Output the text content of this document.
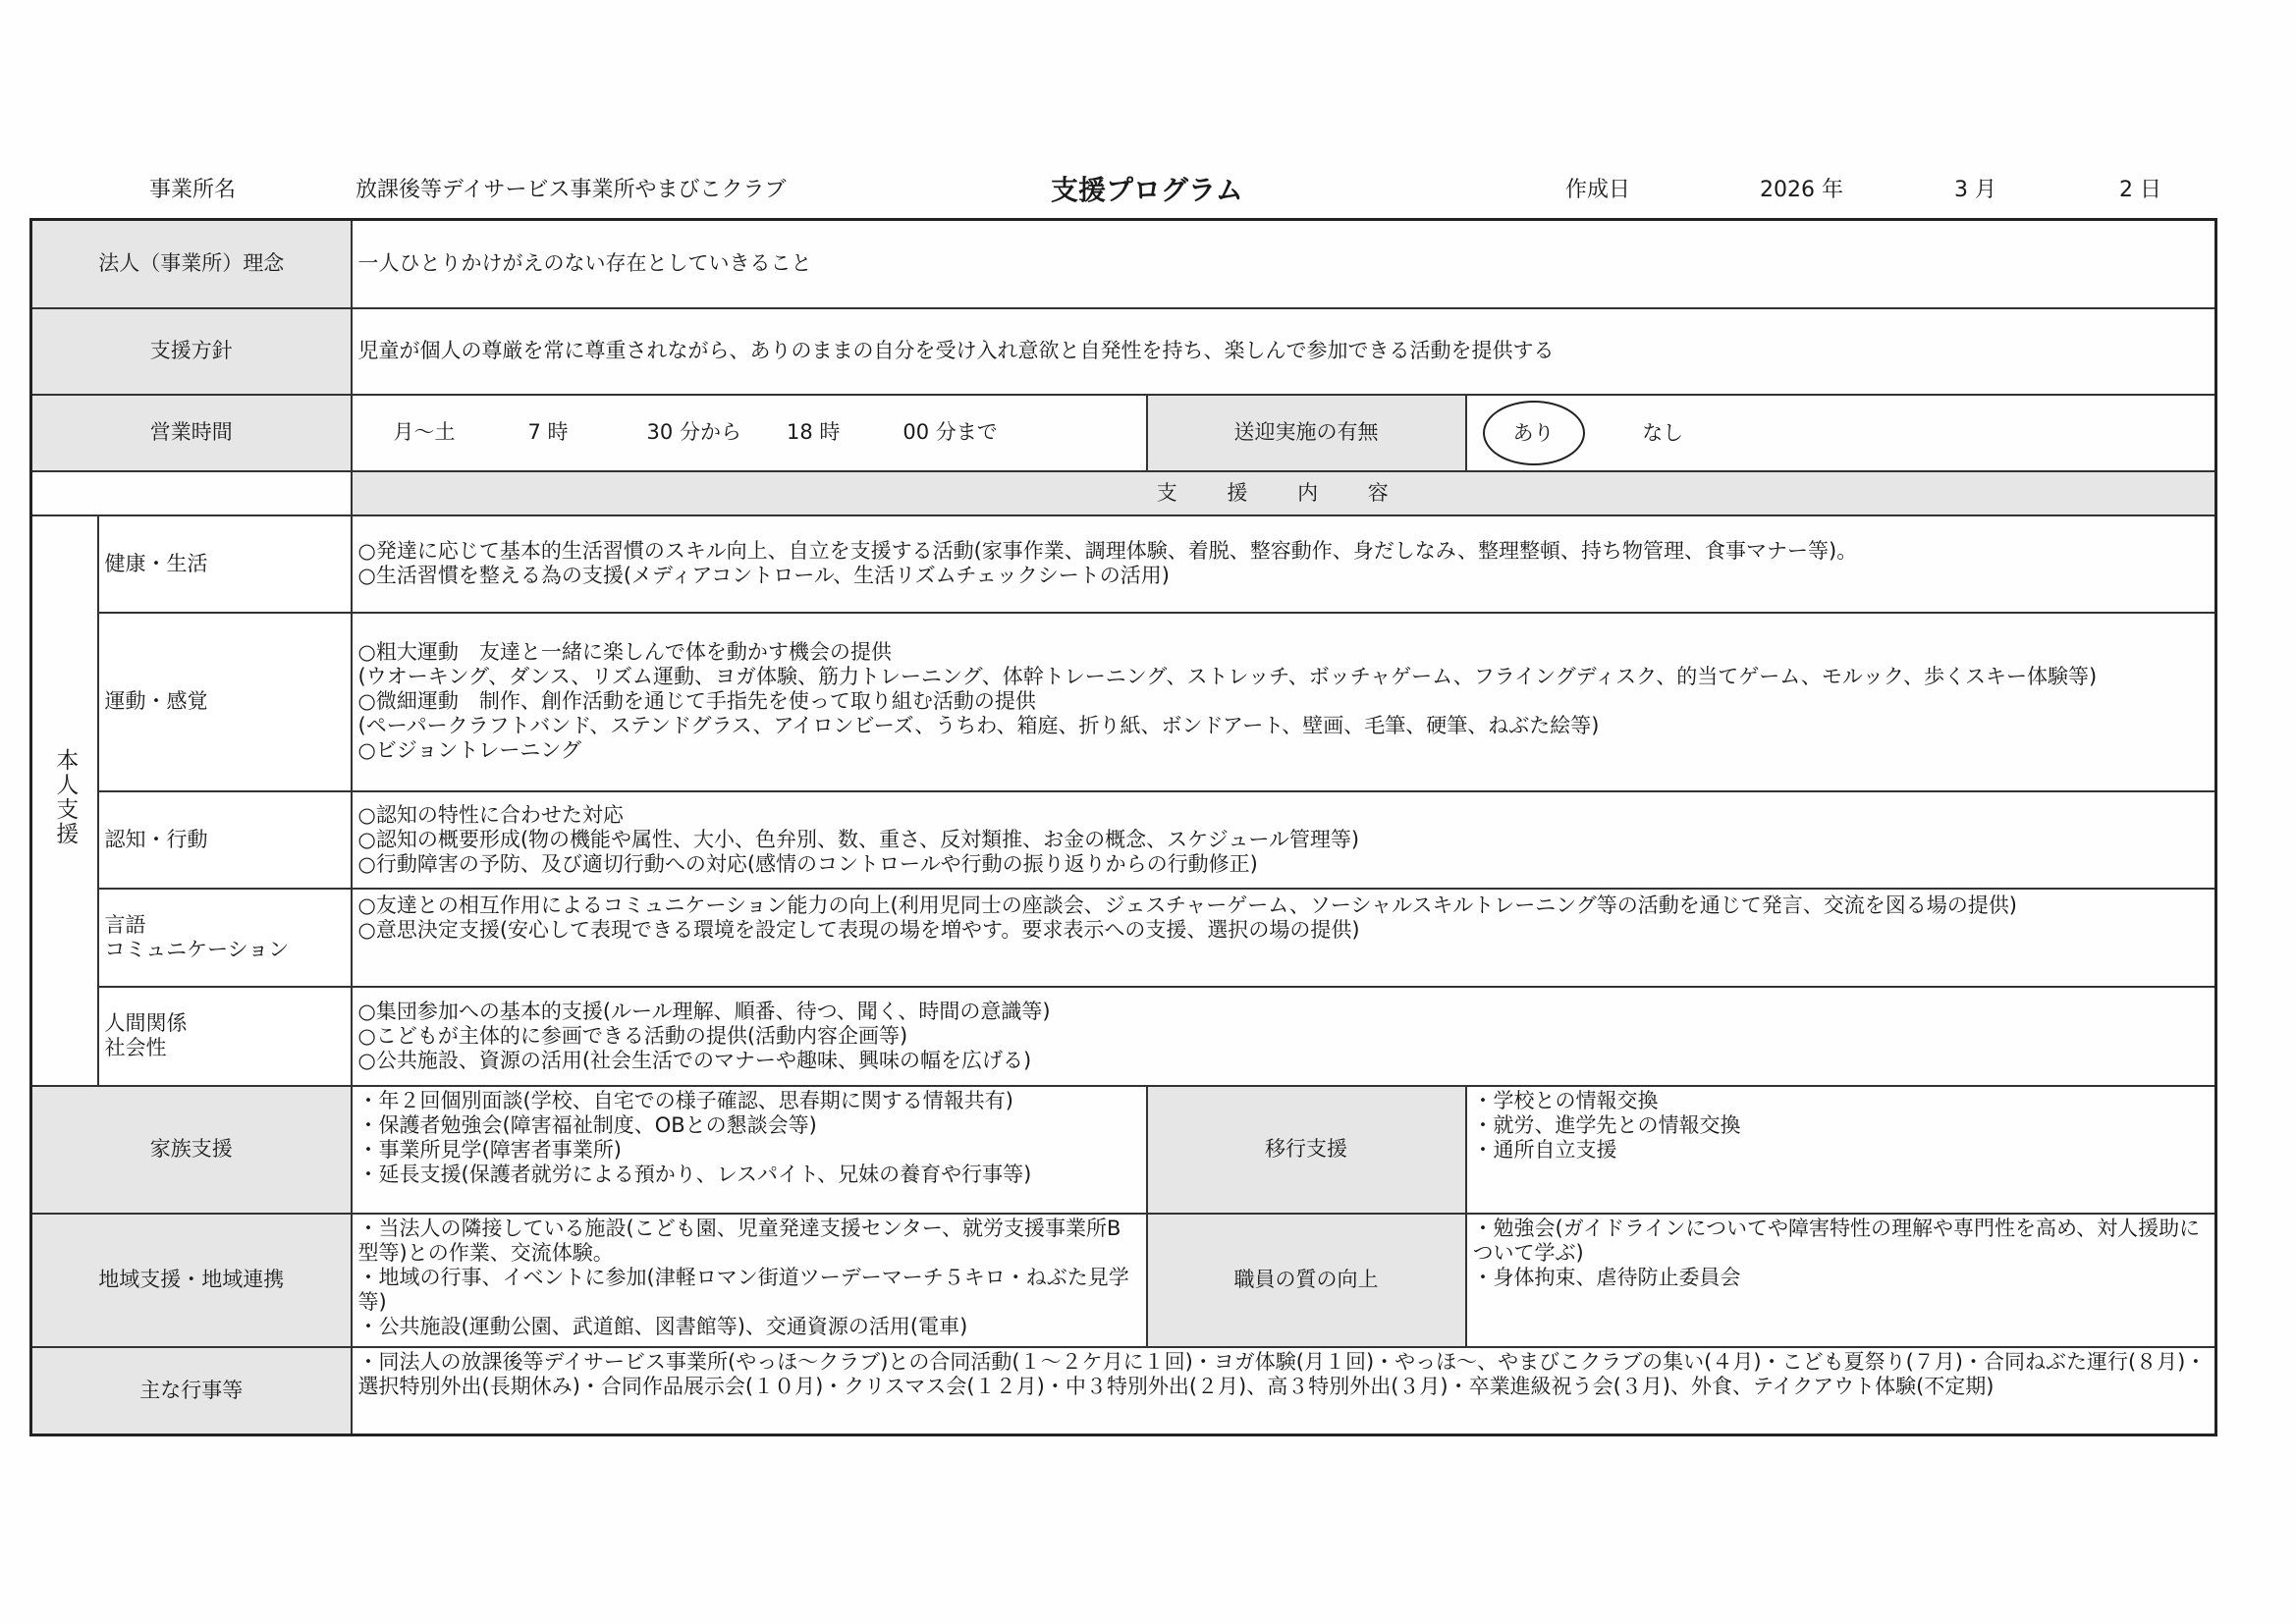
事業所名	放課後等デイサービス事業所やまびこクラブ	支援プログラム	作成日	2026 年	3 月	2 日
法人（事業所）理念		一人ひとりかけがえのない存在としていきること		
支援方針		児童が個人の尊厳を常に尊重されながら、ありのままの自分を受け入れ意欲と自発性を持ち、楽しんで参加できる活動を提供する		
営業時間		月～土 7 時 30 分から 18 時 00 分まで	送迎実施の有無	あり なし
		支 援 内 容		
本人支援	健康・生活	○発達に応じて基本的生活習慣のスキル向上、自立を支援する活動(家事作業、調理体験、着脱、整容動作、身だしなみ、整理整頓、持ち物管理、食事マナー等)。
○生活習慣を整える為の支援(メディアコントロール、生活リズムチェックシートの活用)		

	運動・感覚	○粗大運動　友達と一緒に楽しんで体を動かす機会の提供
(ウオーキング、ダンス、リズム運動、ヨガ体験、筋力トレーニング、体幹トレーニング、ストレッチ、ボッチャゲーム、フライングディスク、的当てゲーム、モルック、歩くスキー体験等)
○微細運動　制作、創作活動を通じて手指先を使って取り組む活動の提供
(ペーパークラフトバンド、ステンドグラス、アイロンビーズ、うちわ、箱庭、折り紙、ボンドアート、壁画、毛筆、硬筆、ねぶた絵等)
○ビジョントレーニング		

	認知・行動	○認知の特性に合わせた対応
○認知の概要形成(物の機能や属性、大小、色弁別、数、重さ、反対類推、お金の概念、スケジュール管理等)
○行動障害の予防、及び適切行動への対応(感情のコントロールや行動の振り返りからの行動修正)		

	言語
コミュニケーション	○友達との相互作用によるコミュニケーション能力の向上(利用児同士の座談会、ジェスチャーゲーム、ソーシャルスキルトレーニング等の活動を通じて発言、交流を図る場の提供)
○意思決定支援(安心して表現できる環境を設定して表現の場を増やす。要求表示への支援、選択の場の提供)		

	人間関係
社会性	○集団参加への基本的支援(ルール理解、順番、待つ、聞く、時間の意識等)
○こどもが主体的に参画できる活動の提供(活動内容企画等)
○公共施設、資源の活用(社会生活でのマナーや趣味、興味の幅を広げる)		

家族支援		・年２回個別面談(学校、自宅での様子確認、思春期に関する情報共有)
・保護者勉強会(障害福祉制度、OBとの懇談会等)
・事業所見学(障害者事業所)
・延長支援(保護者就労による預かり、レスパイト、兄妹の養育や行事等)	移行支援	・学校との情報交換
・就労、進学先との情報交換
・通所自立支援

地域支援・地域連携		・当法人の隣接している施設(こども園、児童発達支援センター、就労支援事業所B型等)との作業、交流体験。
・地域の行事、イベントに参加(津軽ロマン街道ツーデーマーチ５キロ・ねぶた見学等)
・公共施設(運動公園、武道館、図書館等)、交通資源の活用(電車)	職員の質の向上	・勉強会(ガイドラインについてや障害特性の理解や専門性を高め、対人援助について学ぶ)
・身体拘束、虐待防止委員会

主な行事等		・同法人の放課後等デイサービス事業所(やっほ～クラブ)との合同活動(１～２ケ月に１回)・ヨガ体験(月１回)・やっほ～、やまびこクラブの集い(４月)・こども夏祭り(７月)・合同ねぶた運行(８月)・選択特別外出(長期休み)・合同作品展示会(１０月)・クリスマス会(１２月)・中３特別外出(２月)、高３特別外出(３月)・卒業進級祝う会(３月)、外食、テイクアウト体験(不定期)		
